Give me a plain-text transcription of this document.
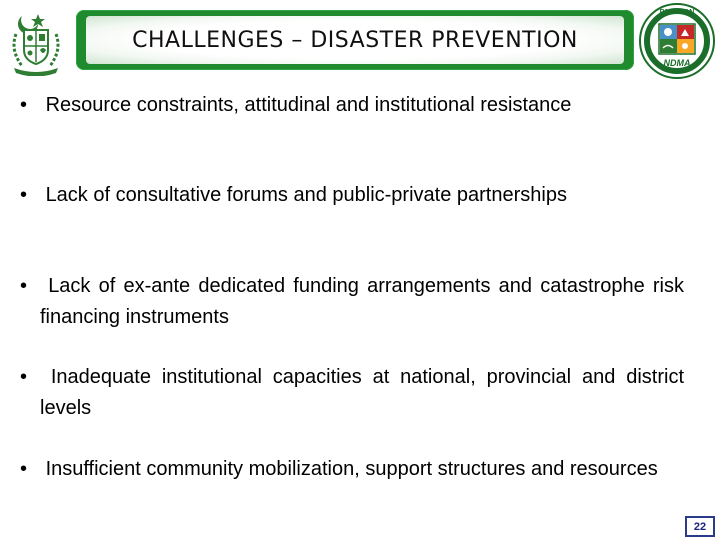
CHALLENGES – DISASTER PREVENTION
PAKISTAN
NDMA
• Resource constraints, attitudinal and institutional resistance
• Lack of consultative forums and public-private partnerships
• Lack of ex-ante dedicated funding arrangements and catastrophe risk financing instruments
• Inadequate institutional capacities at national, provincial and district levels
• Insufficient community mobilization, support structures and resources
22
